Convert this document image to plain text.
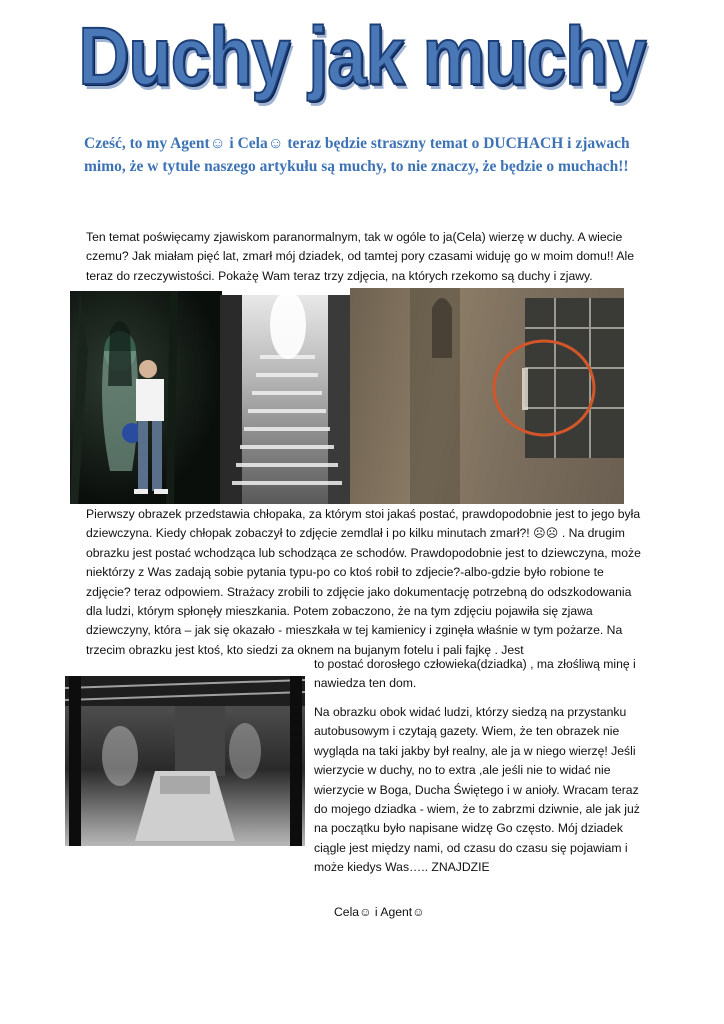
Duchy jak muchy
Cześć, to my Agent☺ i Cela☺ teraz będzie straszny temat o DUCHACH i zjawach mimo, że w tytule naszego artykułu są muchy, to nie znaczy, że będzie o muchach!!
Ten temat poświęcamy zjawiskom paranormalnym, tak w ogóle to ja(Cela) wierzę w duchy. A wiecie czemu? Jak miałam pięć lat, zmarł mój dziadek, od tamtej pory czasami widuję go w moim domu!! Ale teraz do rzeczywistości. Pokażę Wam teraz trzy zdjęcia, na których rzekomo są duchy i zjawy.
Pierwszy obrazek przedstawia chłopaka, za którym stoi jakaś postać, prawdopodobnie jest to jego była dziewczyna. Kiedy chłopak zobaczył to zdjęcie zemdlał i po kilku minutach zmarł?! ☹☹ . Na drugim obrazku jest postać wchodząca lub schodząca ze schodów. Prawdopodobnie jest to dziewczyna, może niektórzy z Was zadają sobie pytania typu-po co ktoś robił to zdjecie?-albo-gdzie było robione te zdjęcie? teraz odpowiem. Strażacy zrobili to zdjęcie jako dokumentację potrzebną do odszkodowania dla ludzi, którym spłonęły mieszkania. Potem zobaczono, że na tym zdjęciu pojawiła się zjawa dziewczyny, która – jak się okazało - mieszkała w tej kamienicy i zginęła właśnie w tym pożarze. Na trzecim obrazku jest ktoś, kto siedzi za oknem na bujanym fotelu i pali fajkę . Jest
to postać dorosłego człowieka(dziadka) , ma złośliwą minę i nawiedza ten dom.
Na obrazku obok widać ludzi, którzy siedzą na przystanku autobusowym i czytają gazety. Wiem, że ten obrazek nie wygląda na taki jakby był realny, ale ja w niego wierzę! Jeśli wierzycie w duchy, no to extra ,ale jeśli nie to widać nie wierzycie w Boga, Ducha Świętego i w anioły. Wracam teraz do mojego dziadka - wiem, że to zabrzmi dziwnie, ale jak już na początku było napisane widzę Go często. Mój dziadek ciągle jest między nami, od czasu do czasu się pojawiam i może kiedys Was….. ZNAJDZIE
Cela☺ i Agent☺
